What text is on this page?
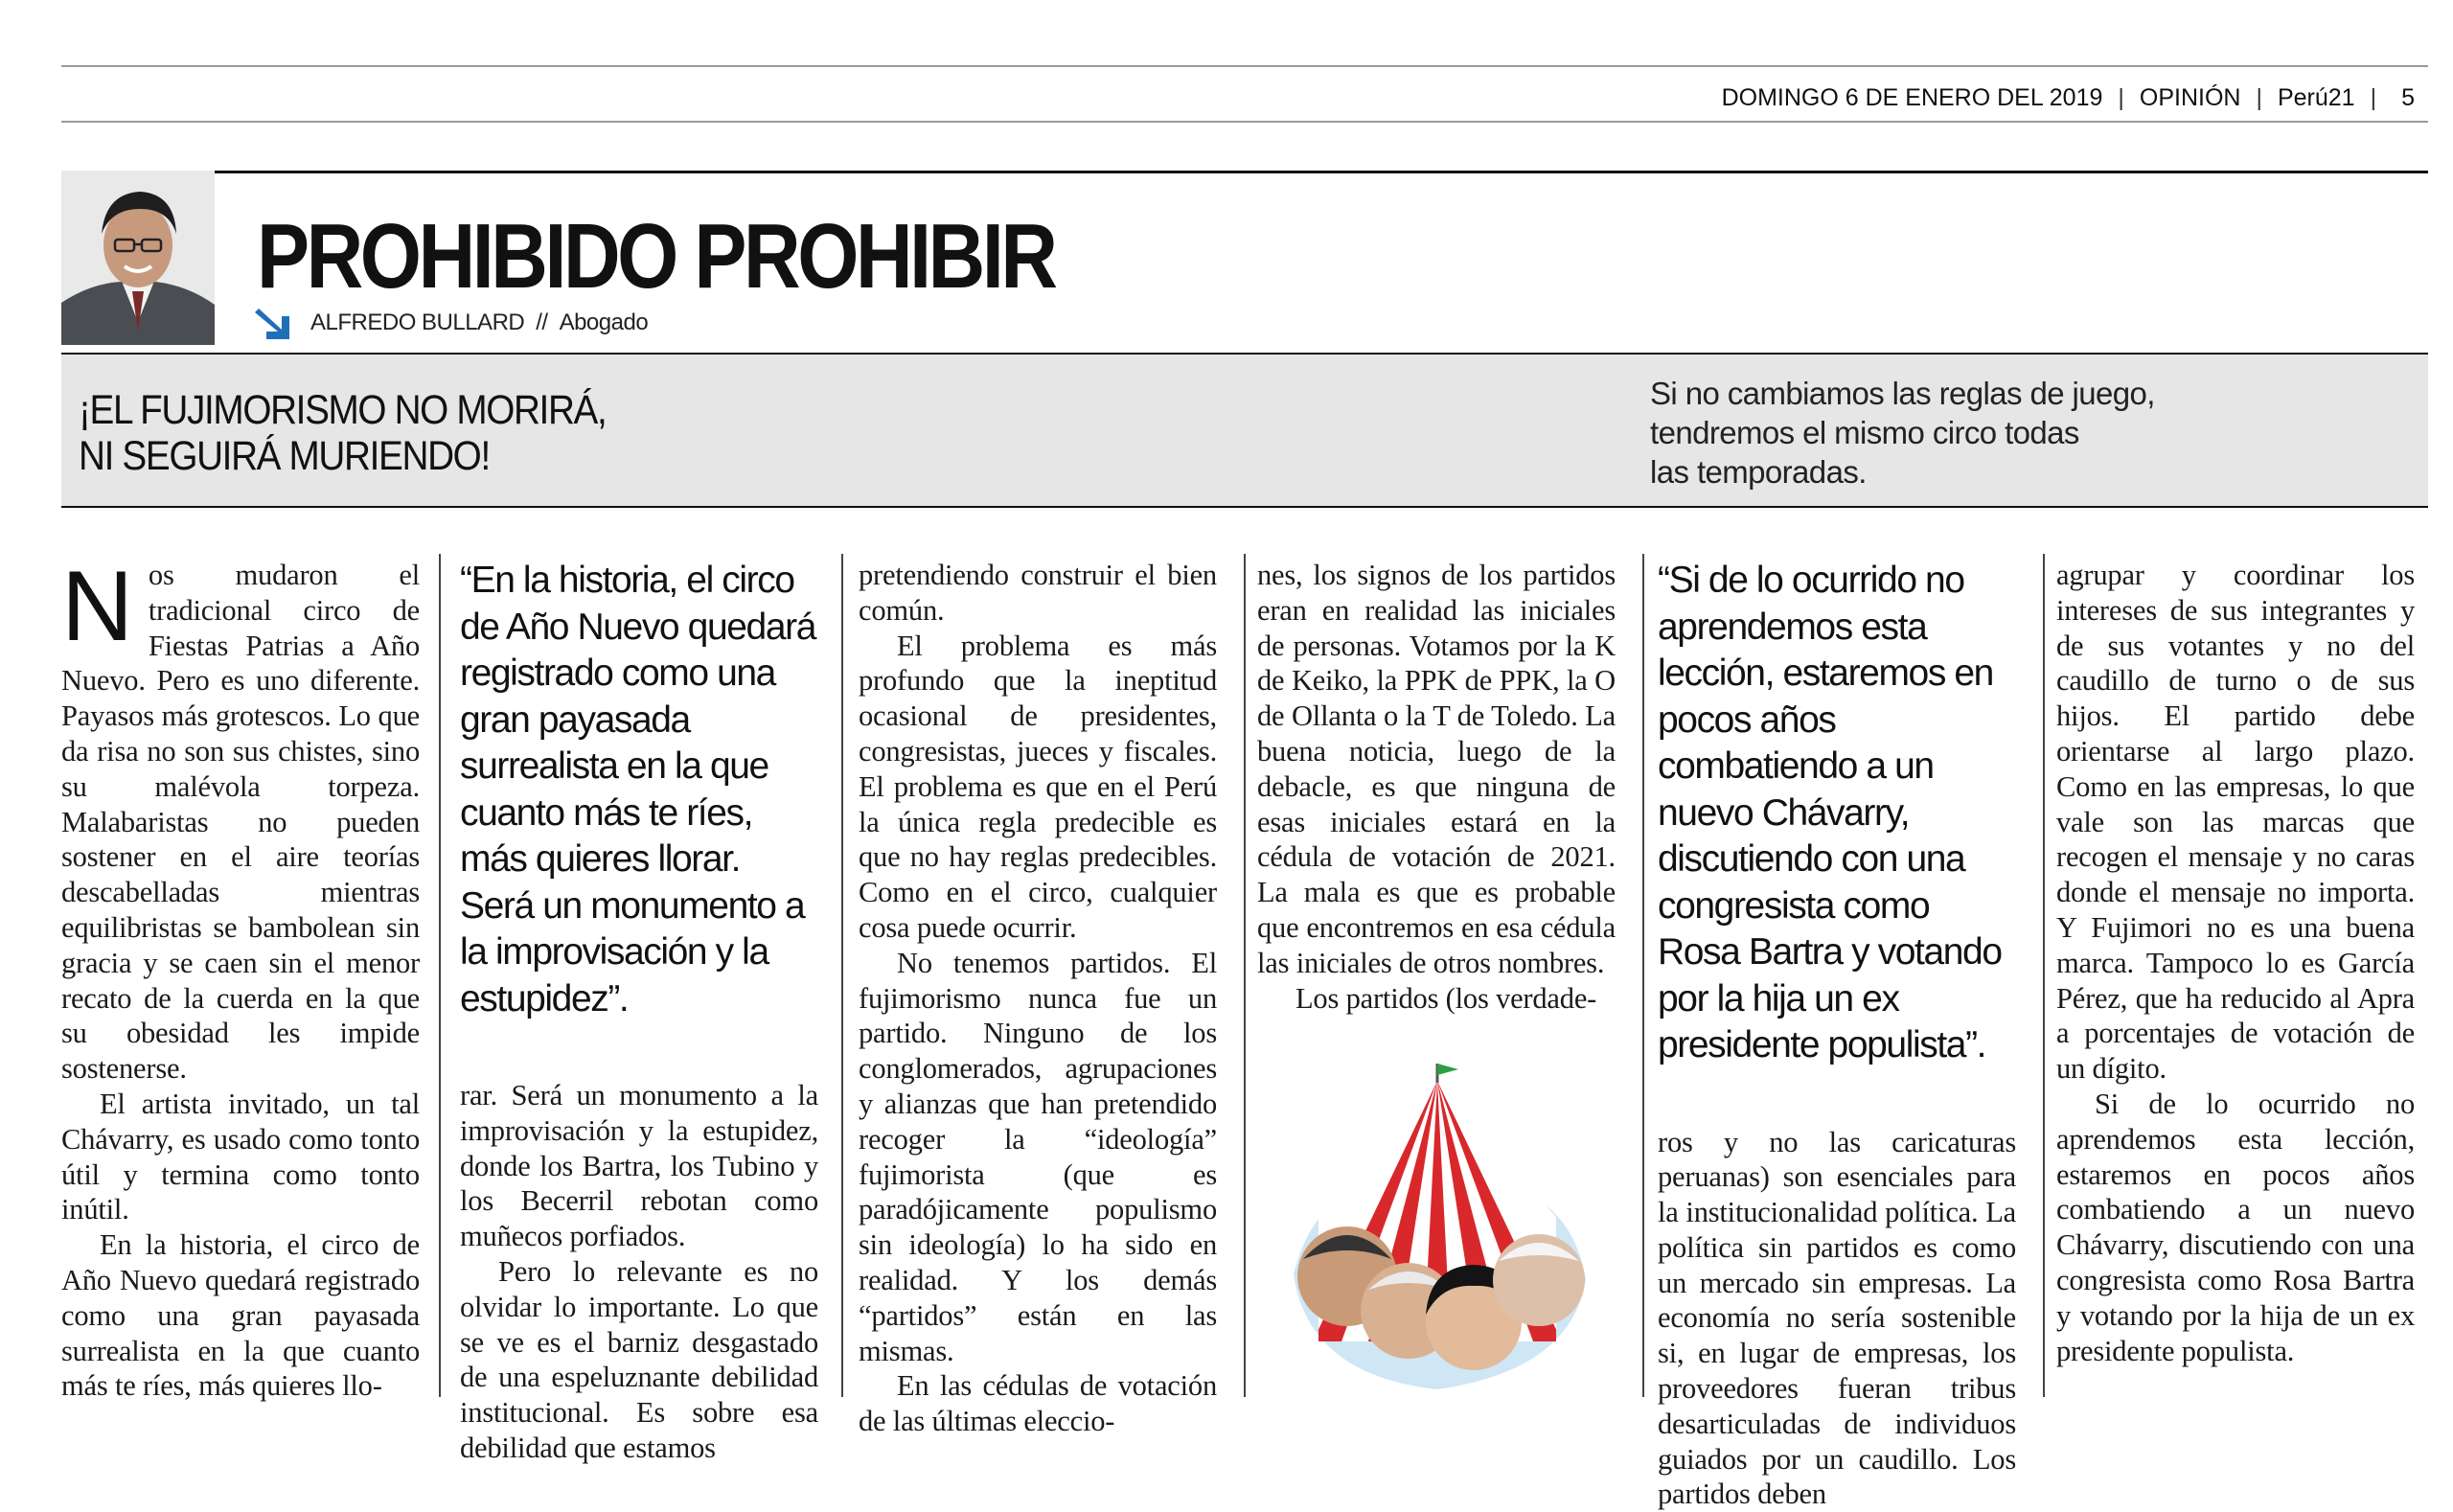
DOMINGO 6 DE ENERO DEL 2019 | OPINIÓN | Perú21 | 5
PROHIBIDO PROHIBIR
ALFREDO BULLARD // Abogado
¡EL FUJIMORISMO NO MORIRÁ,
NI SEGUIRÁ MURIENDO!
Si no cambiamos las reglas de juego,
tendremos el mismo circo todas
las temporadas.

Nos mudaron el tradicional circo de Fiestas Patrias a Año Nuevo. Pero es uno diferente. Payasos más grotescos. Lo que da risa no son sus chistes, sino su malévola torpeza. Malabaristas no pueden sostener en el aire teorías descabelladas mientras equilibristas se bambolean sin gracia y se caen sin el menor recato de la cuerda en la que su obesidad les impide sostenerse.

El artista invitado, un tal Chávarry, es usado como tonto útil y termina como tonto inútil.

En la historia, el circo de Año Nuevo quedará registrado como una gran payasada surrealista en la que cuanto más te ríes, más quieres llo-

“En la historia, el circo de Año Nuevo quedará registrado como una gran payasada surrealista en la que cuanto más te ríes, más quieres llorar. Será un monumento a la improvisación y la estupidez”.

rar. Será un monumento a la improvisación y la estupidez, donde los Bartra, los Tubino y los Becerril rebotan como muñecos porfiados.

Pero lo relevante es no olvidar lo importante. Lo que se ve es el barniz desgastado de una espeluznante debilidad institucional. Es sobre esa debilidad que estamos

pretendiendo construir el bien común.

El problema es más profundo que la ineptitud ocasional de presidentes, congresistas, jueces y fiscales. El problema es que en el Perú la única regla predecible es que no hay reglas predecibles. Como en el circo, cualquier cosa puede ocurrir.

No tenemos partidos. El fujimorismo nunca fue un partido. Ninguno de los conglomerados, agrupaciones y alianzas que han pretendido recoger la “ideología” fujimorista (que es paradójicamente populismo sin ideología) lo ha sido en realidad. Y los demás “partidos” están en las mismas.

En las cédulas de votación de las últimas eleccio-

nes, los signos de los partidos eran en realidad las iniciales de personas. Votamos por la K de Keiko, la PPK de PPK, la O de Ollanta o la T de Toledo. La buena noticia, luego de la debacle, es que ninguna de esas iniciales estará en la cédula de votación de 2021. La mala es que es probable que encontremos en esa cédula las iniciales de otros nombres.

Los partidos (los verdade-

“Si de lo ocurrido no aprendemos esta lección, estaremos en pocos años combatiendo a un nuevo Chávarry, discutiendo con una congresista como Rosa Bartra y votando por la hija un ex presidente populista”.

ros y no las caricaturas peruanas) son esenciales para la institucionalidad política. La política sin partidos es como un mercado sin empresas. La economía no sería sostenible si, en lugar de empresas, los proveedores fueran tribus desarticuladas de individuos guiados por un caudillo. Los partidos deben

agrupar y coordinar los intereses de sus integrantes y de sus votantes y no del caudillo de turno o de sus hijos. El partido debe orientarse al largo plazo. Como en las empresas, lo que vale son las marcas que recogen el mensaje y no caras donde el mensaje no importa. Y Fujimori no es una buena marca. Tampoco lo es García Pérez, que ha reducido al Apra a porcentajes de votación de un dígito.

Si de lo ocurrido no aprendemos esta lección, estaremos en pocos años combatiendo a un nuevo Chávarry, discutiendo con una congresista como Rosa Bartra y votando por la hija de un ex presidente populista.
